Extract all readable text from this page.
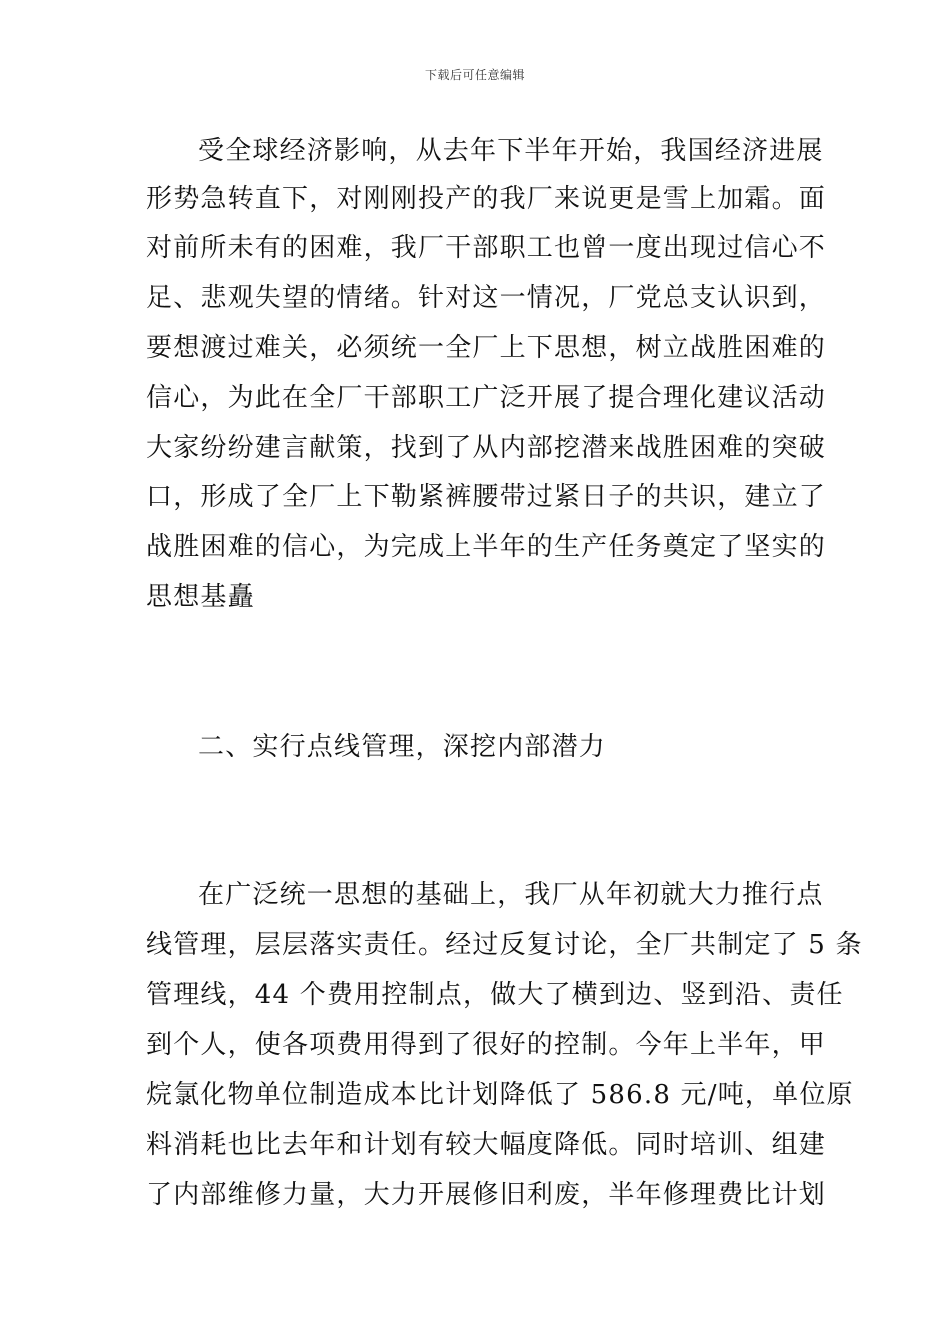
下载后可任意编辑
受全球经济影响，从去年下半年开始，我国经济进展
形势急转直下，对刚刚投产的我厂来说更是雪上加霜。面
对前所未有的困难，我厂干部职工也曾一度出现过信心不
足、悲观失望的情绪。针对这一情况，厂党总支认识到，
要想渡过难关，必须统一全厂上下思想，树立战胜困难的
信心，为此在全厂干部职工广泛开展了提合理化建议活动
大家纷纷建言献策，找到了从内部挖潜来战胜困难的突破
口，形成了全厂上下勒紧裤腰带过紧日子的共识，建立了
战胜困难的信心，为完成上半年的生产任务奠定了坚实的
思想基矗
二、实行点线管理，深挖内部潜力
在广泛统一思想的基础上，我厂从年初就大力推行点
线管理，层层落实责任。经过反复讨论，全厂共制定了 5 条
管理线，44 个费用控制点，做大了横到边、竖到沿、责任
到个人，使各项费用得到了很好的控制。今年上半年，甲
烷氯化物单位制造成本比计划降低了 586.8 元/吨，单位原
料消耗也比去年和计划有较大幅度降低。同时培训、组建
了内部维修力量，大力开展修旧利废，半年修理费比计划
